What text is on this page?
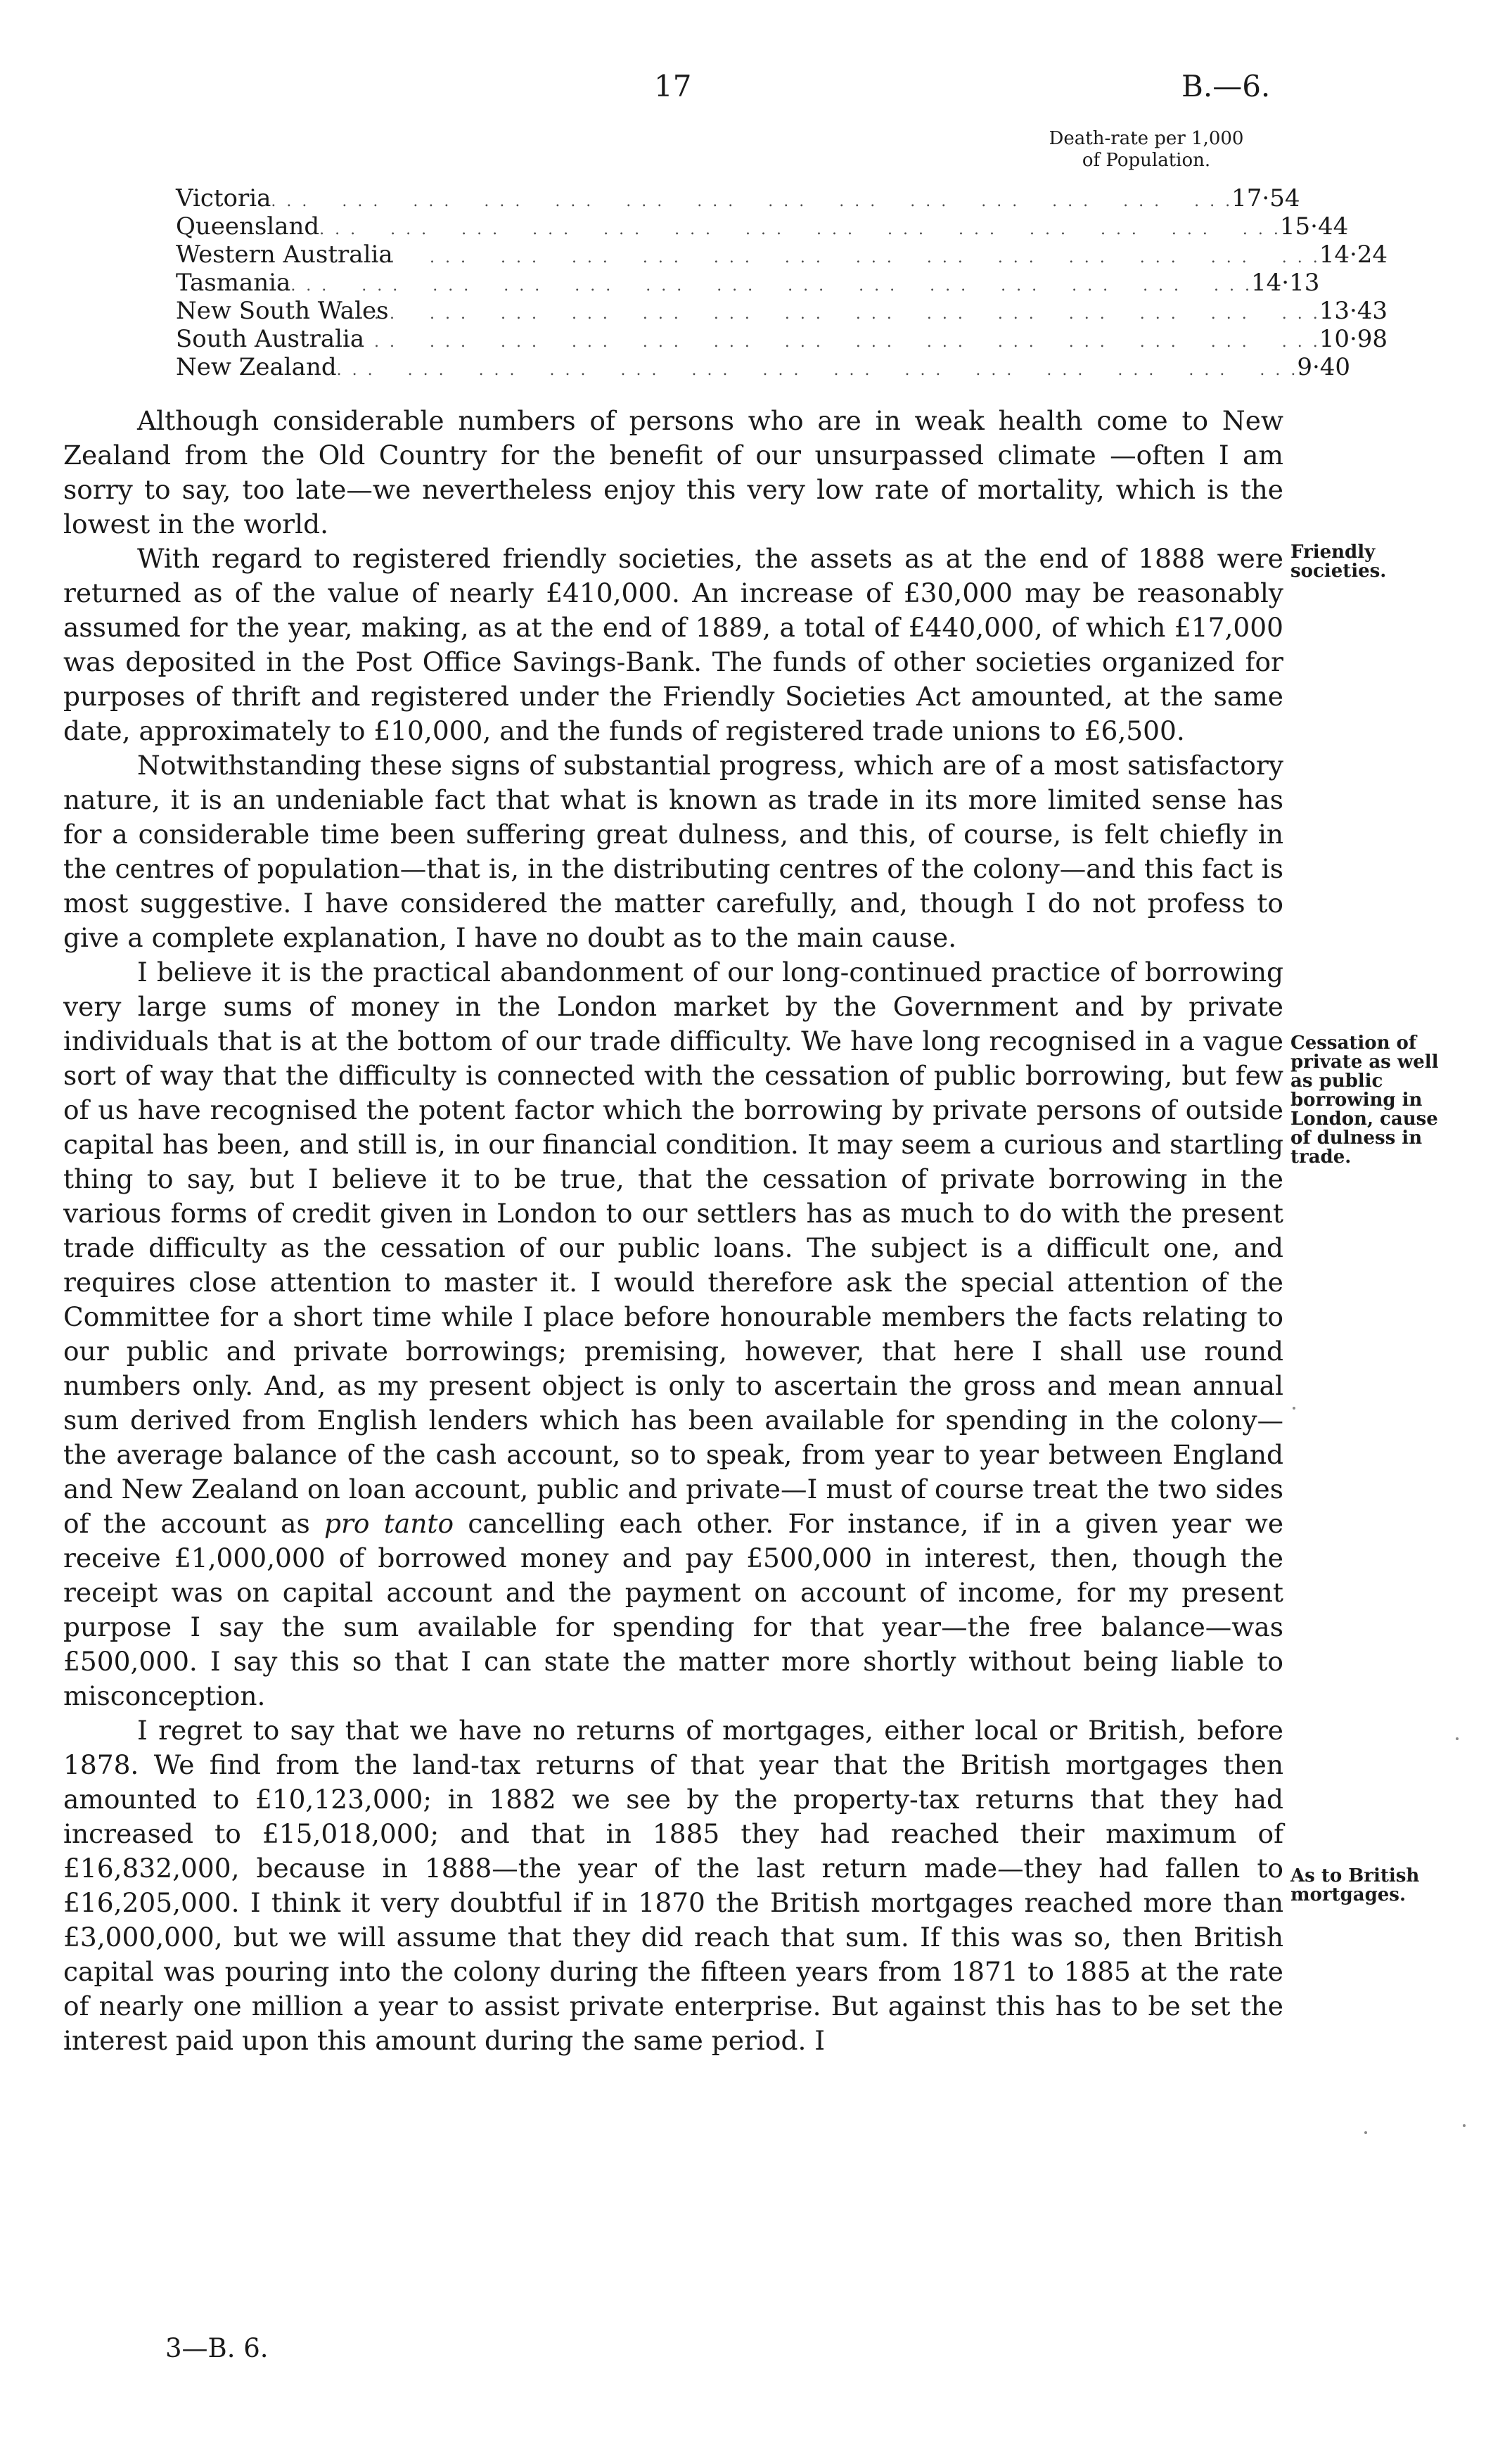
17	B.—6.
Death-rate per 1,000
of Population.
Victoria . . .  . . .  . . .  . . .  . . .  . . .  . . .  . . .  . . .  . . .  . . .  . . .  . . .  . . . 17·54
Queensland . . .  . . .  . . .  . . .  . . .  . . .  . . .  . . .  . . .  . . .  . . .  . . .  . . .  . . . 15·44
Western Australia
. . .  . . .  . . .  . . .  . . .  . . .  . . .  . . .  . . .  . . .  . . .  . . .  . . .  . . . 14·24
Tasmania . . .  . . .  . . .  . . .  . . .  . . .  . . .  . . .  . . .  . . .  . . .  . . .  . . .  . . . 14·13
New South Wales
. . .  . . .  . . .  . . .  . . .  . . .  . . .  . . .  . . .  . . .  . . .  . . .  . . .  . . . 13·43
South Australia
. . .  . . .  . . .  . . .  . . .  . . .  . . .  . . .  . . .  . . .  . . .  . . .  . . .  . . . 10·98
New Zealand . . .  . . .  . . .  . . .  . . .  . . .  . . .  . . .  . . .  . . .  . . .  . . .  . . .  . . . 9·40

Although considerable numbers of persons who are in weak health come to New Zealand from the Old Country for the benefit of our unsurpassed climate —often I am sorry to say, too late—we nevertheless enjoy this very low rate of mortality, which is the lowest in the world.

With regard to registered friendly societies, the assets as at the end of 1888 were returned as of the value of nearly £410,000. An increase of £30,000 may be reasonably assumed for the year, making, as at the end of 1889, a total of £440,000, of which £17,000 was deposited in the Post Office Savings-Bank. The funds of other societies organized for purposes of thrift and registered under the Friendly Societies Act amounted, at the same date, approximately to £10,000, and the funds of registered trade unions to £6,500.

Notwithstanding these signs of substantial progress, which are of a most satisfactory nature, it is an undeniable fact that what is known as trade in its more limited sense has for a considerable time been suffering great dulness, and this, of course, is felt chiefly in the centres of population—that is, in the distributing centres of the colony—and this fact is most suggestive. I have considered the matter carefully, and, though I do not profess to give a complete explanation, I have no doubt as to the main cause.

I believe it is the practical abandonment of our long-continued practice of borrowing very large sums of money in the London market by the Government and by private individuals that is at the bottom of our trade difficulty. We have long recognised in a vague sort of way that the difficulty is connected with the cessation of public borrowing, but few of us have recognised the potent factor which the borrowing by private persons of outside capital has been, and still is, in our financial condition. It may seem a curious and startling thing to say, but I believe it to be true, that the cessation of private borrowing in the various forms of credit given in London to our settlers has as much to do with the present trade difficulty as the cessation of our public loans. The subject is a difficult one, and requires close attention to master it. I would therefore ask the special attention of the Committee for a short time while I place before honourable members the facts relating to our public and private borrowings; premising, however, that here I shall use round numbers only. And, as my present object is only to ascertain the gross and mean annual sum derived from English lenders which has been available for spending in the colony—the average balance of the cash account, so to speak, from year to year between England and New Zealand on loan account, public and private—I must of course treat the two sides of the account as pro tanto cancelling each other. For instance, if in a given year we receive £1,000,000 of borrowed money and pay £500,000 in interest, then, though the receipt was on capital account and the payment on account of income, for my present purpose I say the sum available for spending for that year—the free balance—was £500,000. I say this so that I can state the matter more shortly without being liable to misconception.

I regret to say that we have no returns of mortgages, either local or British, before 1878. We find from the land-tax returns of that year that the British mortgages then amounted to £10,123,000; in 1882 we see by the property-tax returns that they had increased to £15,018,000; and that in 1885 they had reached their maximum of £16,832,000, because in 1888—the year of the last return made—they had fallen to £16,205,000. I think it very doubtful if in 1870 the British mortgages reached more than £3,000,000, but we will assume that they did reach that sum. If this was so, then British capital was pouring into the colony during the fifteen years from 1871 to 1885 at the rate of nearly one million a year to assist private enterprise. But against this has to be set the interest paid upon this amount during the same period. I

Friendly societies.
Cessation of private as well as public borrowing in London, cause of dulness in trade.
As to British mortgages.
3—B. 6.
